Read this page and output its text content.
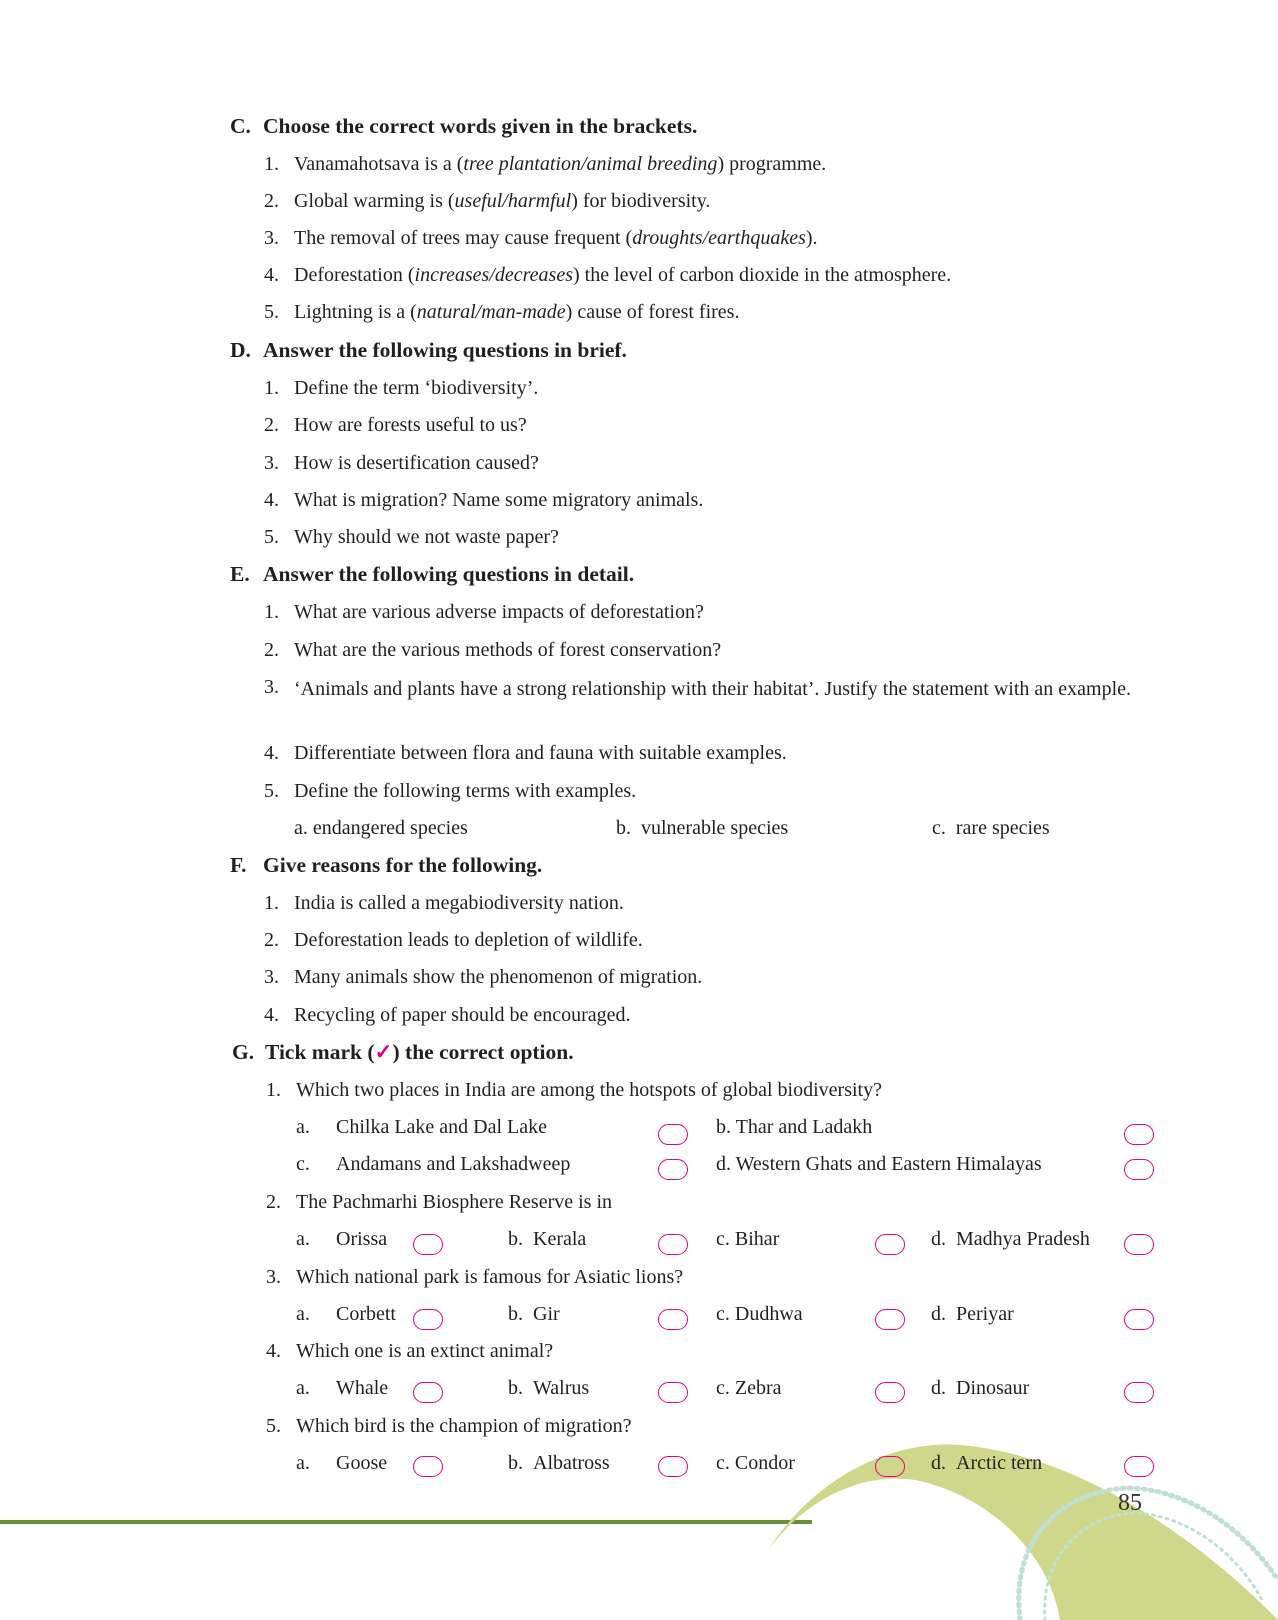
C. Choose the correct words given in the brackets.
1. Vanamahotsava is a (tree plantation/animal breeding) programme.
2. Global warming is (useful/harmful) for biodiversity.
3. The removal of trees may cause frequent (droughts/earthquakes).
4. Deforestation (increases/decreases) the level of carbon dioxide in the atmosphere.
5. Lightning is a (natural/man-made) cause of forest fires.
D. Answer the following questions in brief.
1. Define the term ‘biodiversity’.
2. How are forests useful to us?
3. How is desertification caused?
4. What is migration? Name some migratory animals.
5. Why should we not waste paper?
E. Answer the following questions in detail.
1. What are various adverse impacts of deforestation?
2. What are the various methods of forest conservation?
3. ‘Animals and plants have a strong relationship with their habitat’. Justify the statement with an example.
4. Differentiate between flora and fauna with suitable examples.
5. Define the following terms with examples.
a. endangered species	b. vulnerable species	c. rare species
F. Give reasons for the following.
1. India is called a megabiodiversity nation.
2. Deforestation leads to depletion of wildlife.
3. Many animals show the phenomenon of migration.
4. Recycling of paper should be encouraged.
G. Tick mark (✓) the correct option.
1. Which two places in India are among the hotspots of global biodiversity?
a. Chilka Lake and Dal Lake	b. Thar and Ladakh
c. Andamans and Lakshadweep	d. Western Ghats and Eastern Himalayas
2. The Pachmarhi Biosphere Reserve is in
a. Orissa	b. Kerala	c. Bihar	d. Madhya Pradesh
3. Which national park is famous for Asiatic lions?
a. Corbett	b. Gir	c. Dudhwa	d. Periyar
4. Which one is an extinct animal?
a. Whale	b. Walrus	c. Zebra	d. Dinosaur
5. Which bird is the champion of migration?
a. Goose	b. Albatross	c. Condor	d. Arctic tern
85
